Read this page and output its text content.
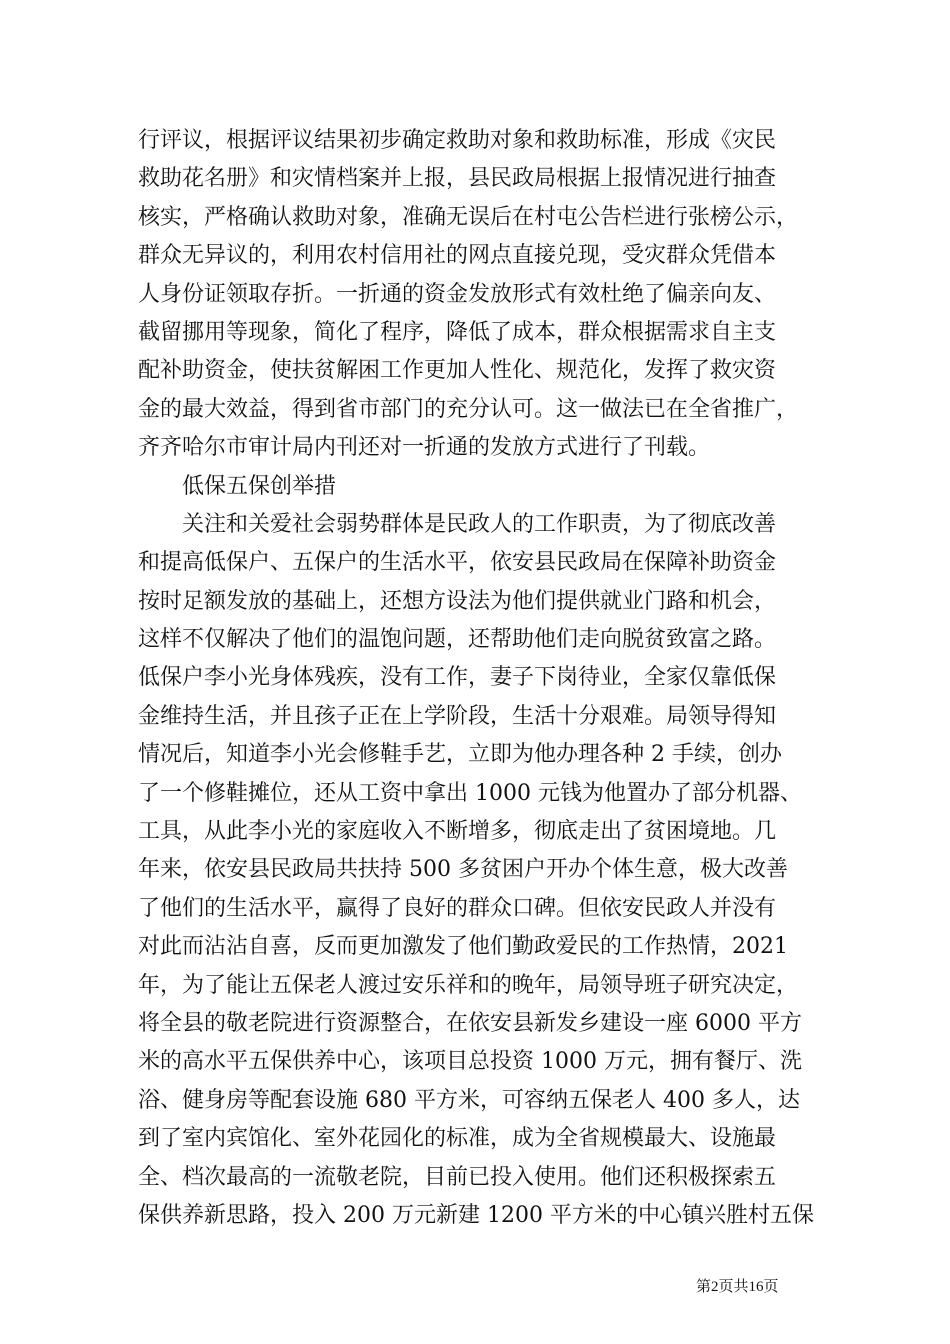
行评议，根据评议结果初步确定救助对象和救助标准，形成《灾民
救助花名册》和灾情档案并上报，县民政局根据上报情况进行抽查
核实，严格确认救助对象，准确无误后在村屯公告栏进行张榜公示，
群众无异议的，利用农村信用社的网点直接兑现，受灾群众凭借本
人身份证领取存折。一折通的资金发放形式有效杜绝了偏亲向友、
截留挪用等现象，简化了程序，降低了成本，群众根据需求自主支
配补助资金，使扶贫解困工作更加人性化、规范化，发挥了救灾资
金的最大效益，得到省市部门的充分认可。这一做法已在全省推广，
齐齐哈尔市审计局内刊还对一折通的发放方式进行了刊载。
低保五保创举措
关注和关爱社会弱势群体是民政人的工作职责，为了彻底改善
和提高低保户、五保户的生活水平，依安县民政局在保障补助资金
按时足额发放的基础上，还想方设法为他们提供就业门路和机会，
这样不仅解决了他们的温饱问题，还帮助他们走向脱贫致富之路。
低保户李小光身体残疾，没有工作，妻子下岗待业，全家仅靠低保
金维持生活，并且孩子正在上学阶段，生活十分艰难。局领导得知
情况后，知道李小光会修鞋手艺，立即为他办理各种 2 手续，创办
了一个修鞋摊位，还从工资中拿出 1000 元钱为他置办了部分机器、
工具，从此李小光的家庭收入不断增多，彻底走出了贫困境地。几
年来，依安县民政局共扶持 500 多贫困户开办个体生意，极大改善
了他们的生活水平，赢得了良好的群众口碑。但依安民政人并没有
对此而沾沾自喜，反而更加激发了他们勤政爱民的工作热情，2021
年，为了能让五保老人渡过安乐祥和的晚年，局领导班子研究决定，
将全县的敬老院进行资源整合，在依安县新发乡建设一座 6000 平方
米的高水平五保供养中心，该项目总投资 1000 万元，拥有餐厅、洗
浴、健身房等配套设施 680 平方米，可容纳五保老人 400 多人，达
到了室内宾馆化、室外花园化的标准，成为全省规模最大、设施最
全、档次最高的一流敬老院，目前已投入使用。他们还积极探索五
保供养新思路，投入 200 万元新建 1200 平方米的中心镇兴胜村五保
第2页共16页
